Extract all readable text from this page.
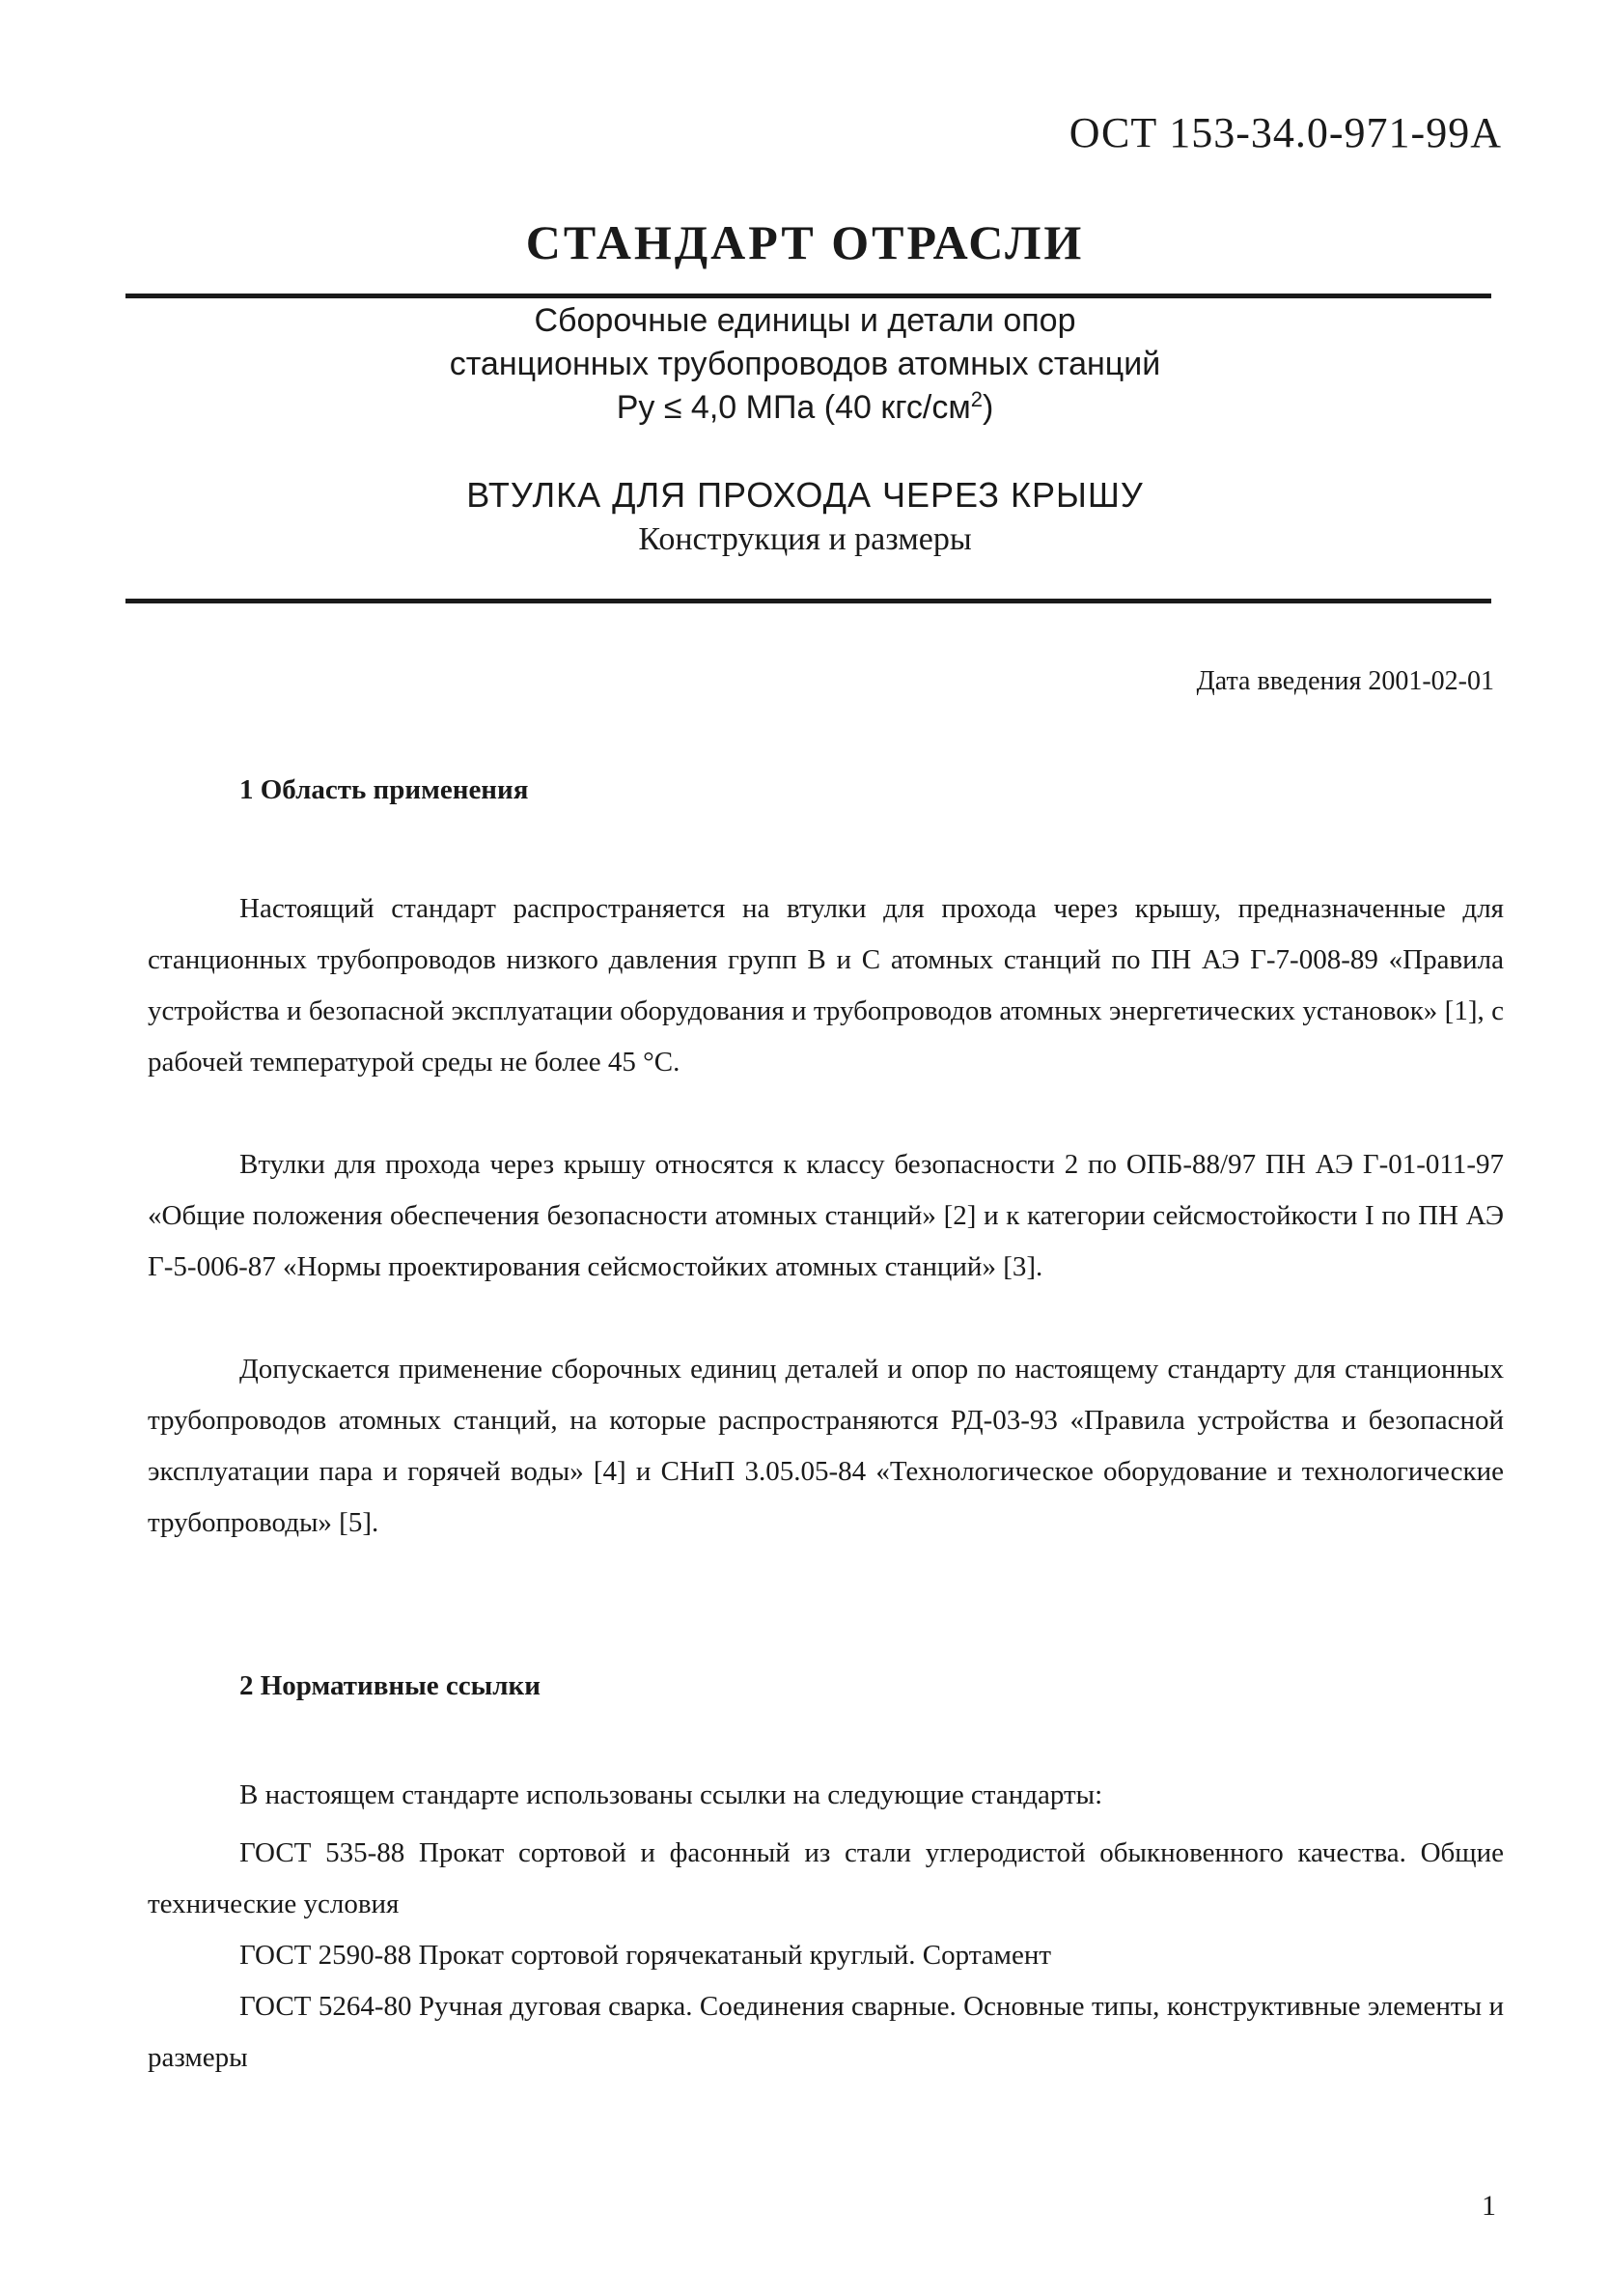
ОСТ 153-34.0-971-99А
СТАНДАРТ ОТРАСЛИ
Сборочные единицы и детали опор
станционных трубопроводов атомных станций
Ру ≤ 4,0 МПа (40 кгс/$см^2$)
ВТУЛКА ДЛЯ ПРОХОДА ЧЕРЕЗ КРЫШУ
Конструкция и размеры
Дата введения 2001-02-01
1 Область применения
Настоящий стандарт распространяется на втулки для прохода через крышу, предназначенные для станционных трубопроводов низкого давления групп В и С атомных станций по ПН АЭ Г-7-008-89 «Правила устройства и безопасной эксплуатации оборудования и трубопроводов атомных энергетических установок» [1], с рабочей температурой среды не более 45 °С.
Втулки для прохода через крышу относятся к классу безопасности 2 по ОПБ-88/97 ПН АЭ Г-01-011-97 «Общие положения обеспечения безопасности атомных станций» [2] и к категории сейсмостойкости I по ПН АЭ Г-5-006-87 «Нормы проектирования сейсмостойких атомных станций» [3].
Допускается применение сборочных единиц деталей и опор по настоящему стандарту для станционных трубопроводов атомных станций, на которые распространяются РД-03-93 «Правила устройства и безопасной эксплуатации пара и горячей воды» [4] и СНиП 3.05.05-84 «Технологическое оборудование и технологические трубопроводы» [5].
2 Нормативные ссылки
В настоящем стандарте использованы ссылки на следующие стандарты:
ГОСТ 535-88 Прокат сортовой и фасонный из стали углеродистой обыкновенного качества. Общие технические условия
ГОСТ 2590-88 Прокат сортовой горячекатаный круглый. Сортамент
ГОСТ 5264-80 Ручная дуговая сварка. Соединения сварные. Основные типы, конструктивные элементы и размеры
1
